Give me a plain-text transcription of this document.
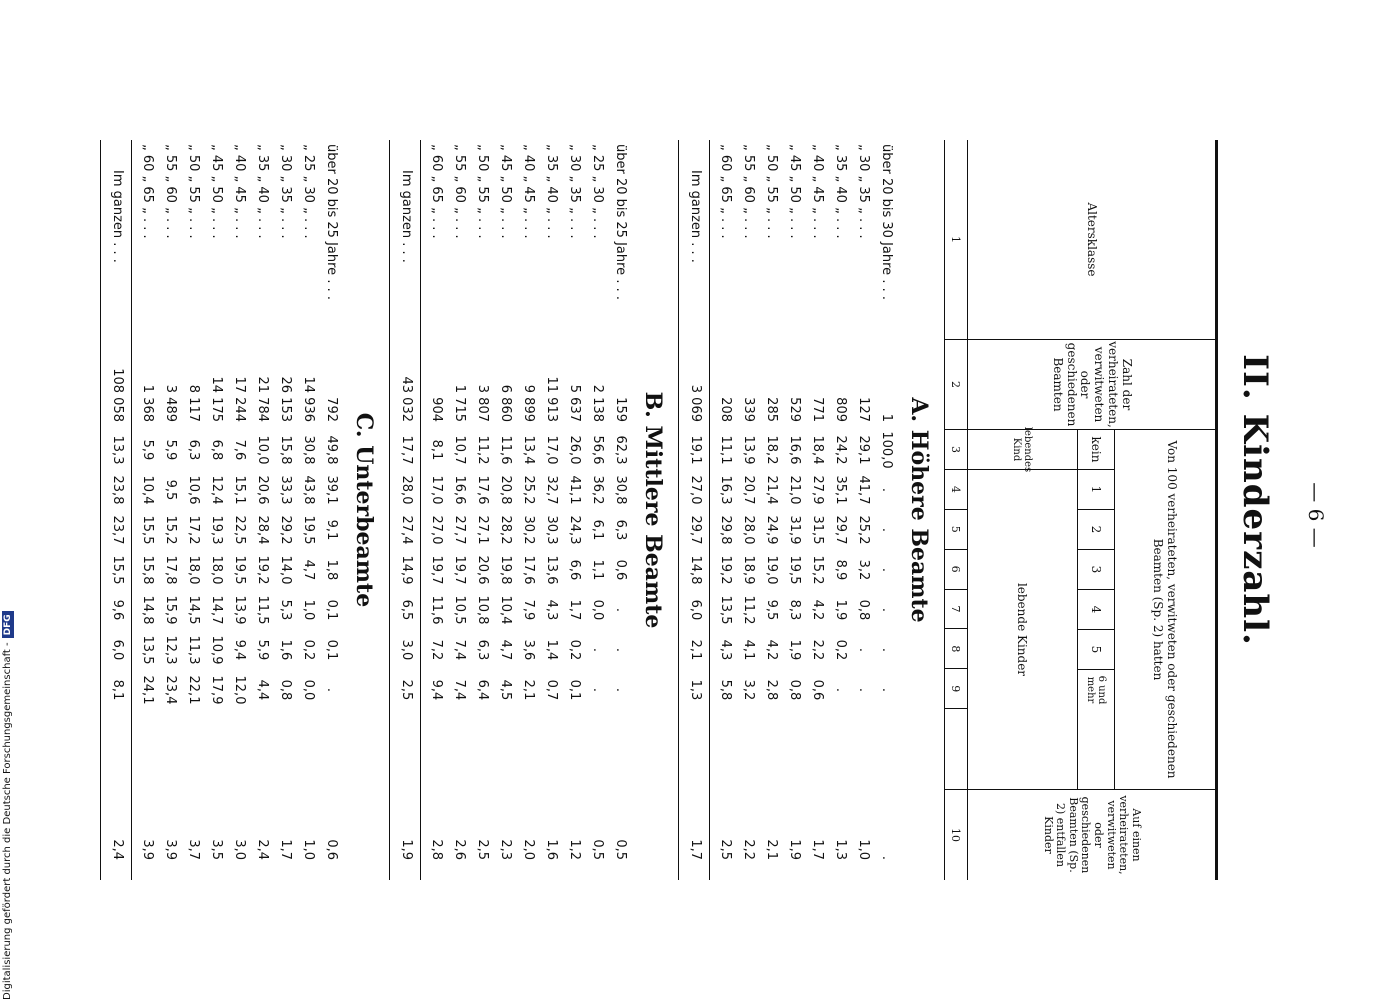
— 6 —
II. Kinderzahl.
Altersklasse
1
Zahl der verheirateten, verwitweten oder geschiedenen Beamten
2
Von 100 verheirateten, verwitweten oder geschiedenen Beamten (Sp. 2) hatten
kein
1
2
3
4
5
6 und mehr
lebendes Kind
lebende Kinder
3
4
5
6
7
8
9
Auf einen verheirateten, verwitweten oder geschiedenen Beamten (Sp. 2) entfallen Kinder
10
A. Höhere Beamte
über 20 bis 30 Jahre . . .
1
100,0
.
.
.
.
.
.
.
„ 30 „ 35 „ . . .
127
29,1
41,7
25,2
3,2
0,8
.
.
1,0
„ 35 „ 40 „ . . .
809
24,2
35,1
29,7
8,9
1,9
0,2
.
1,3
„ 40 „ 45 „ . . .
771
18,4
27,9
31,5
15,2
4,2
2,2
0,6
1,7
„ 45 „ 50 „ . . .
529
16,6
21,0
31,9
19,5
8,3
1,9
0,8
1,9
„ 50 „ 55 „ . . .
285
18,2
21,4
24,9
19,0
9,5
4,2
2,8
2,1
„ 55 „ 60 „ . . .
339
13,9
20,7
28,0
18,9
11,2
4,1
3,2
2,2
„ 60 „ 65 „ . . .
208
11,1
16,3
29,8
19,2
13,5
4,3
5,8
2,5
Im ganzen . . .
3 069
19,1
27,0
29,7
14,8
6,0
2,1
1,3
1,7
B. Mittlere Beamte
über 20 bis 25 Jahre . . .
159
62,3
30,8
6,3
0,6
.
.
.
0,5
„ 25 „ 30 „ . . .
2 138
56,6
36,2
6,1
1,1
0,0
.
.
0,5
„ 30 „ 35 „ . . .
5 637
26,0
41,1
24,3
6,6
1,7
0,2
0,1
1,2
„ 35 „ 40 „ . . .
11 913
17,0
32,7
30,3
13,6
4,3
1,4
0,7
1,6
„ 40 „ 45 „ . . .
9 899
13,4
25,2
30,2
17,6
7,9
3,6
2,1
2,0
„ 45 „ 50 „ . . .
6 860
11,6
20,8
28,2
19,8
10,4
4,7
4,5
2,3
„ 50 „ 55 „ . . .
3 807
11,2
17,6
27,1
20,6
10,8
6,3
6,4
2,5
„ 55 „ 60 „ . . .
1 715
10,7
16,6
27,7
19,7
10,5
7,4
7,4
2,6
„ 60 „ 65 „ . . .
904
8,1
17,0
27,0
19,7
11,6
7,2
9,4
2,8
Im ganzen . . .
43 032
17,7
28,0
27,4
14,9
6,5
3,0
2,5
1,9
C. Unterbeamte
über 20 bis 25 Jahre . . .
792
49,8
39,1
9,1
1,8
0,1
0,1
.
0,6
„ 25 „ 30 „ . . .
14 936
30,8
43,8
19,5
4,7
1,0
0,2
0,0
1,0
„ 30 „ 35 „ . . .
26 153
15,8
33,3
29,2
14,0
5,3
1,6
0,8
1,7
„ 35 „ 40 „ . . .
21 784
10,0
20,6
28,4
19,2
11,5
5,9
4,4
2,4
„ 40 „ 45 „ . . .
17 244
7,6
15,1
22,5
19,5
13,9
9,4
12,0
3,0
„ 45 „ 50 „ . . .
14 175
6,8
12,4
19,3
18,0
14,7
10,9
17,9
3,5
„ 50 „ 55 „ . . .
8 117
6,3
10,6
17,2
18,0
14,5
11,3
22,1
3,7
„ 55 „ 60 „ . . .
3 489
5,9
9,5
15,2
17,8
15,9
12,3
23,4
3,9
„ 60 „ 65 „ . . .
1 368
5,9
10,4
15,5
15,8
14,8
13,5
24,1
3,9
Im ganzen . . .
108 058
13,3
23,8
23,7
15,5
9,6
6,0
8,1
2,4
Digitalisierung gefördert durch die Deutsche Forschungsgemeinschaft -DFG
